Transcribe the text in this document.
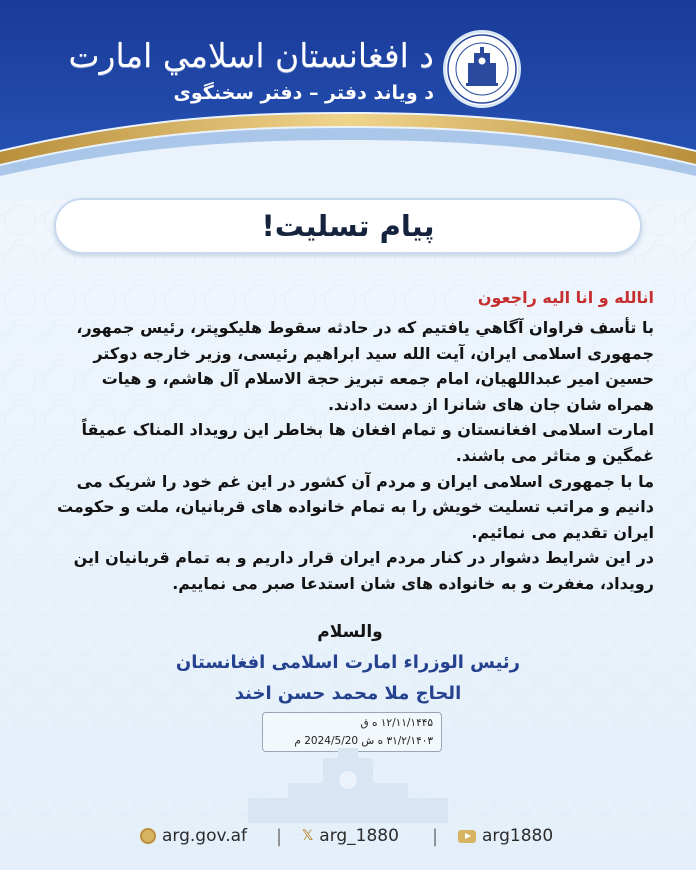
د افغانستان اسلامي امارت
د ویاند دفتر – دفتر سخنگوی
پیام تسلیت!
انالله و انا الیه راجعون
با تأسف فراوان آگاهي يافتيم كه در حادثه سقوط هليكوپتر، رئيس جمهور،
جمهوری اسلامی ایران، آیت الله سید ابراهیم رئیسی، وزیر خارجه دوکتر
حسین امیر عبداللهیان، امام جمعه تبریز حجة الاسلام آل هاشم، و هیات
همراه شان جان های شانرا از دست دادند.
امارت اسلامی افغانستان و تمام افغان ها بخاطر این رویداد المناک عمیقاً
غمگین و متاثر می باشند.
ما با جمهوری اسلامی ایران و مردم آن کشور در این غم خود را شریک می
دانیم و مراتب تسلیت خویش را به تمام خانواده های قربانیان، ملت و حکومت
ایران تقدیم می نمائیم.
در این شرایط دشوار در کنار مردم ایران قرار داریم و به تمام قربانیان این
رویداد، مغفرت و به خانواده های شان استدعا صبر می نماییم.
والسلام
رئیس الوزراء امارت اسلامی افغانستان
الحاج ملا محمد حسن اخند
۱۲/۱۱/۱۴۴۵ ه ق
۳۱/۲/۱۴۰۳ ه ش 2024/5/20 م
arg.gov.af | 𝕏 arg_1880 |	arg1880
